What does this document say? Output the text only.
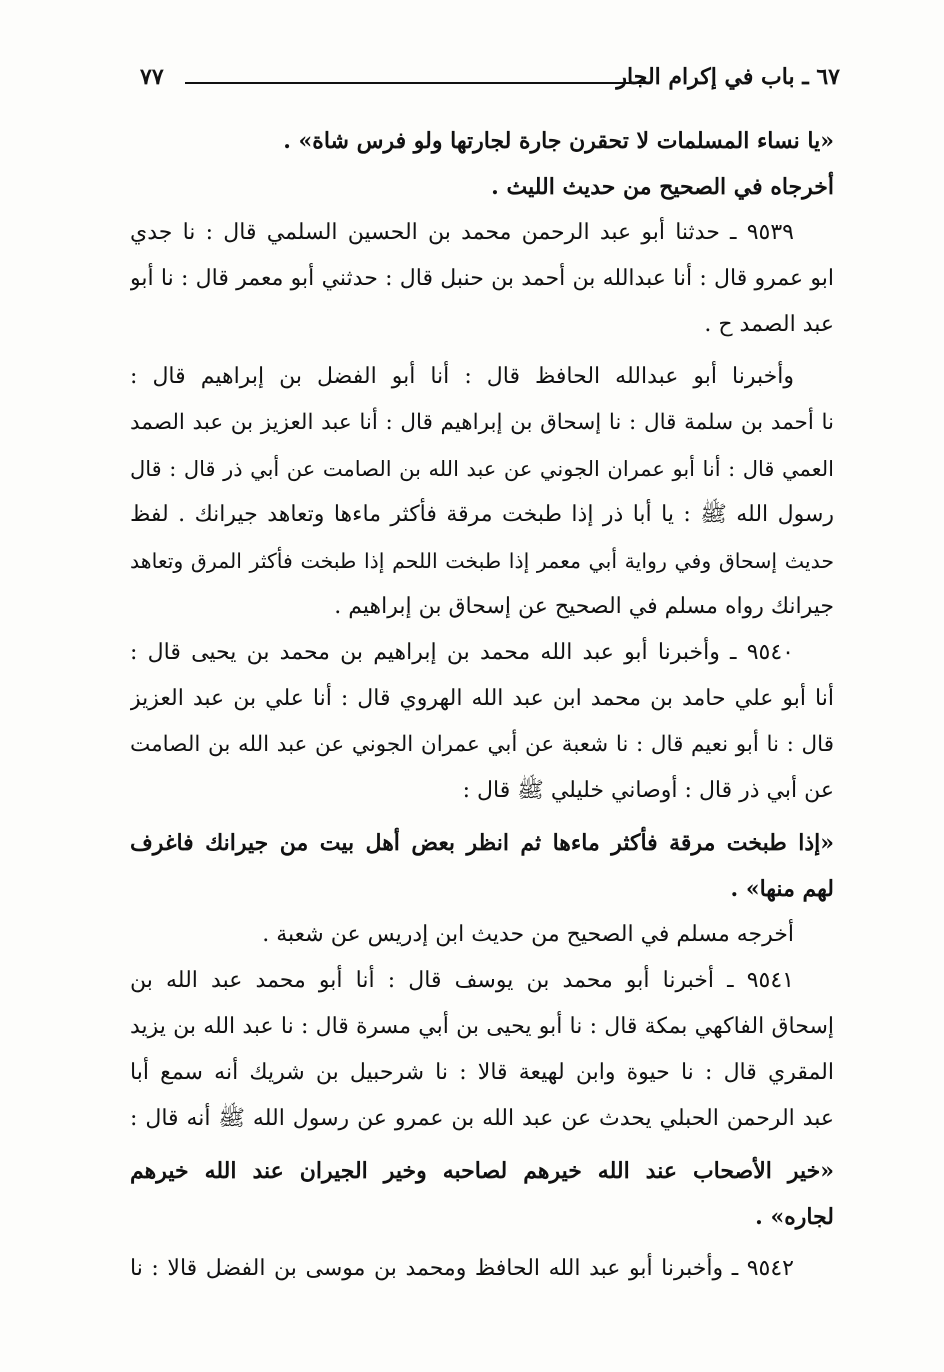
٦٧ ـ باب في إكرام الجار
٧٧
«يا نساء المسلمات لا تحقرن جارة لجارتها ولو فرس شاة» .
أخرجاه في الصحيح من حديث الليث .
٩٥٣٩ ـ حدثنا أبو عبد الرحمن محمد بن الحسين السلمي قال : نا جدي
ابو عمرو قال : أنا عبدالله بن أحمد بن حنبل قال : حدثني أبو معمر قال : نا أبو
عبد الصمد ح .
وأخبرنا أبو عبدالله الحافظ قال : أنا أبو الفضل بن إبراهيم قال :
نا أحمد بن سلمة قال : نا إسحاق بن إبراهيم قال : أنا عبد العزيز بن عبد الصمد
العمي قال : أنا أبو عمران الجوني عن عبد الله بن الصامت عن أبي ذر قال : قال
رسول الله ﷺ : يا أبا ذر إذا طبخت مرقة فأكثر ماءها وتعاهد جيرانك . لفظ
حديث إسحاق وفي رواية أبي معمر إذا طبخت اللحم إذا طبخت فأكثر المرق وتعاهد
جيرانك رواه مسلم في الصحيح عن إسحاق بن إبراهيم .
٩٥٤٠ ـ وأخبرنا أبو عبد الله محمد بن إبراهيم بن محمد بن يحيى قال :
أنا أبو علي حامد بن محمد ابن عبد الله الهروي قال : أنا علي بن عبد العزيز
قال : نا أبو نعيم قال : نا شعبة عن أبي عمران الجوني عن عبد الله بن الصامت
عن أبي ذر قال : أوصاني خليلي ﷺ قال :
«إذا طبخت مرقة فأكثر ماءها ثم انظر بعض أهل بيت من جيرانك فاغرف
لهم منها» .
أخرجه مسلم في الصحيح من حديث ابن إدريس عن شعبة .
٩٥٤١ ـ أخبرنا أبو محمد بن يوسف قال : أنا أبو محمد عبد الله بن
إسحاق الفاكهي بمكة قال : نا أبو يحيى بن أبي مسرة قال : نا عبد الله بن يزيد
المقري قال : نا حيوة وابن لهيعة قالا : نا شرحبيل بن شريك أنه سمع أبا
عبد الرحمن الحبلي يحدث عن عبد الله بن عمرو عن رسول الله ﷺ أنه قال :
«خير الأصحاب عند الله خيرهم لصاحبه وخير الجيران عند الله خيرهم
لجاره» .
٩٥٤٢ ـ وأخبرنا أبو عبد الله الحافظ ومحمد بن موسى بن الفضل قالا : نا
